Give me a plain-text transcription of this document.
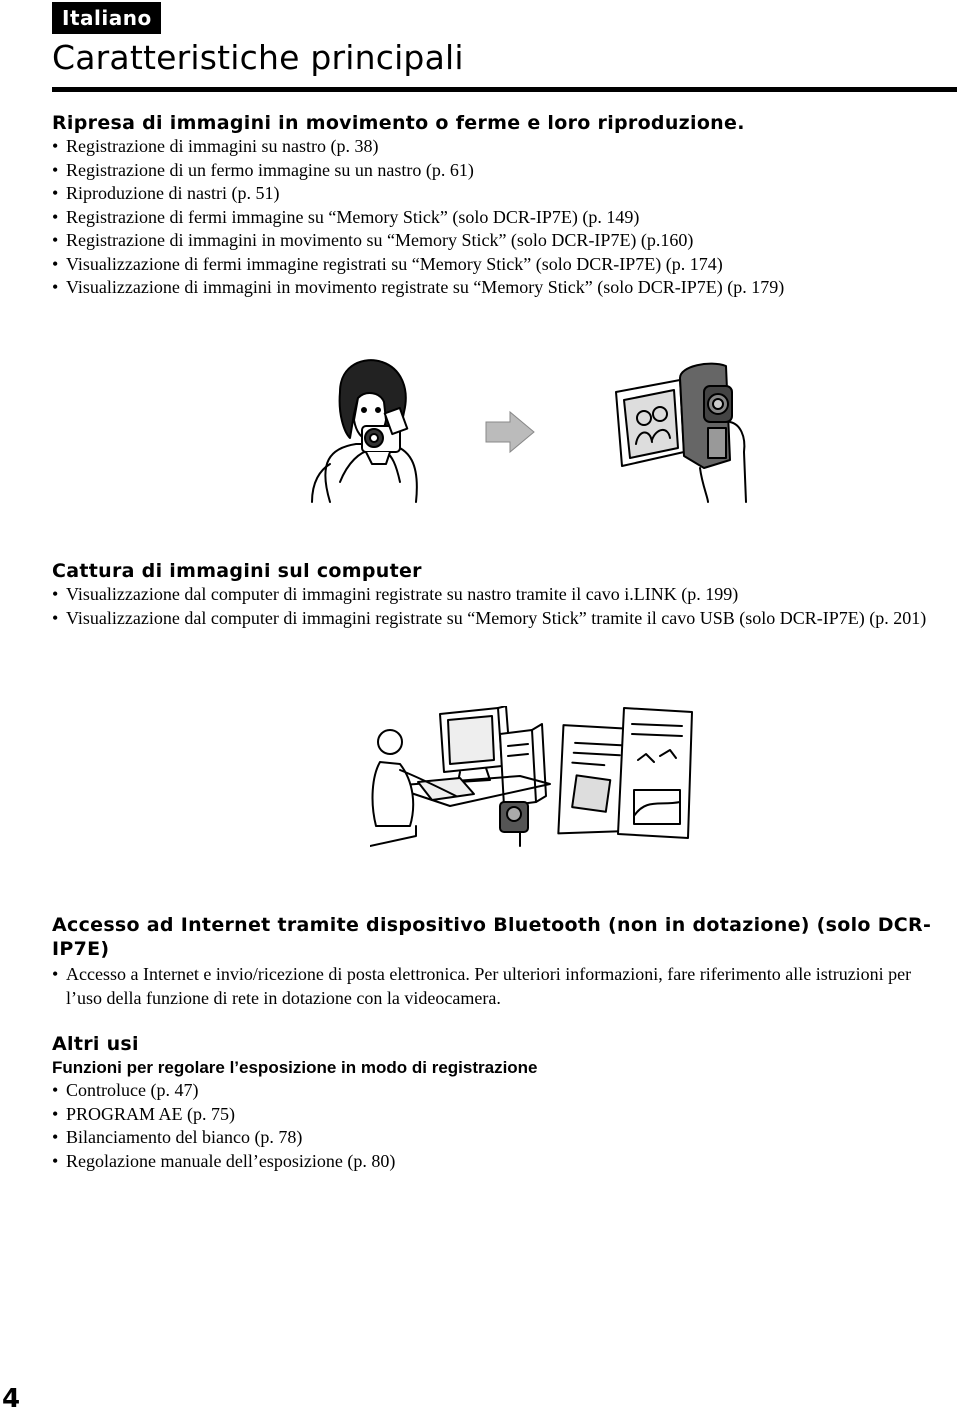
Italiano
Caratteristiche principali
Ripresa di immagini in movimento o ferme e loro riproduzione.
• Registrazione di immagini su nastro (p. 38)
• Registrazione di un fermo immagine su un nastro (p. 61)
• Riproduzione di nastri (p. 51)
• Registrazione di fermi immagine su “Memory Stick” (solo DCR-IP7E) (p. 149)
• Registrazione di immagini in movimento su “Memory Stick” (solo DCR-IP7E) (p.160)
• Visualizzazione di fermi immagine registrati su “Memory Stick” (solo DCR-IP7E) (p. 174)
• Visualizzazione di immagini in movimento registrate su “Memory Stick” (solo DCR-IP7E) (p. 179)
Cattura di immagini sul computer
• Visualizzazione dal computer di immagini registrate su nastro tramite il cavo i.LINK (p. 199)
• Visualizzazione dal computer di immagini registrate su “Memory Stick” tramite il cavo USB (solo DCR-IP7E) (p. 201)
Accesso ad Internet tramite dispositivo Bluetooth (non in dotazione) (solo DCR-IP7E)
• Accesso a Internet e invio/ricezione di posta elettronica. Per ulteriori informazioni, fare riferimento alle istruzioni per l’uso della funzione di rete in dotazione con la videocamera.
Altri usi
Funzioni per regolare l’esposizione in modo di registrazione
• Controluce (p. 47)
• PROGRAM AE (p. 75)
• Bilanciamento del bianco (p. 78)
• Regolazione manuale dell’esposizione (p. 80)
4
